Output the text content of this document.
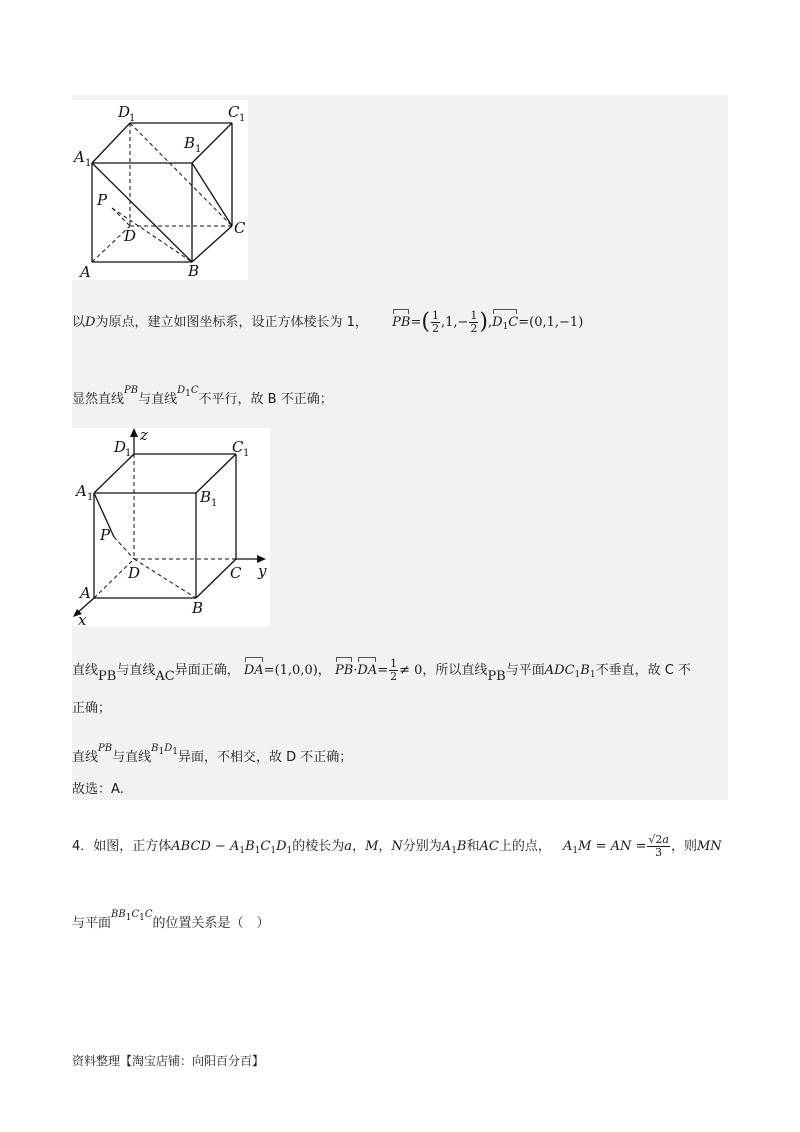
D
1	C 1
A 1
B 1
P
D	C
A	B
以D为原点，建立如图坐标系，设正方体棱长为 1， $PB=( \frac{1}{2} ,1,- \frac{1}{2} ),D_1C=(0,1,-1)$
显然直线$^{PB}$与直线$^{D1C}$不平行，故 B 不正确；
z
D
1	C 1
A 1	B 1
P
D	C y
A
B
x
直线PB与直线AC异面正确， DA=(1,0,0)， $PB\cdot DA= \frac{1}{2} \ne 0$，所以直线PB与平面$ADC_1B_1$不垂直，故 C 不
正确；
直线$^{PB}$与直线$^{B1D1}$异面，不相交，故 D 不正确；
故选：A.
4．如图，正方体ABCD − $A_1B_1C_1D_1$的棱长为a，M，N分别为$A_1B$和AC上的点， $A_1M$ = AN = $\frac{√2a}{3}$ ，则MN
与平面$^{BB1C1C}$的位置关系是（　）
资料整理【淘宝店铺：向阳百分百】
